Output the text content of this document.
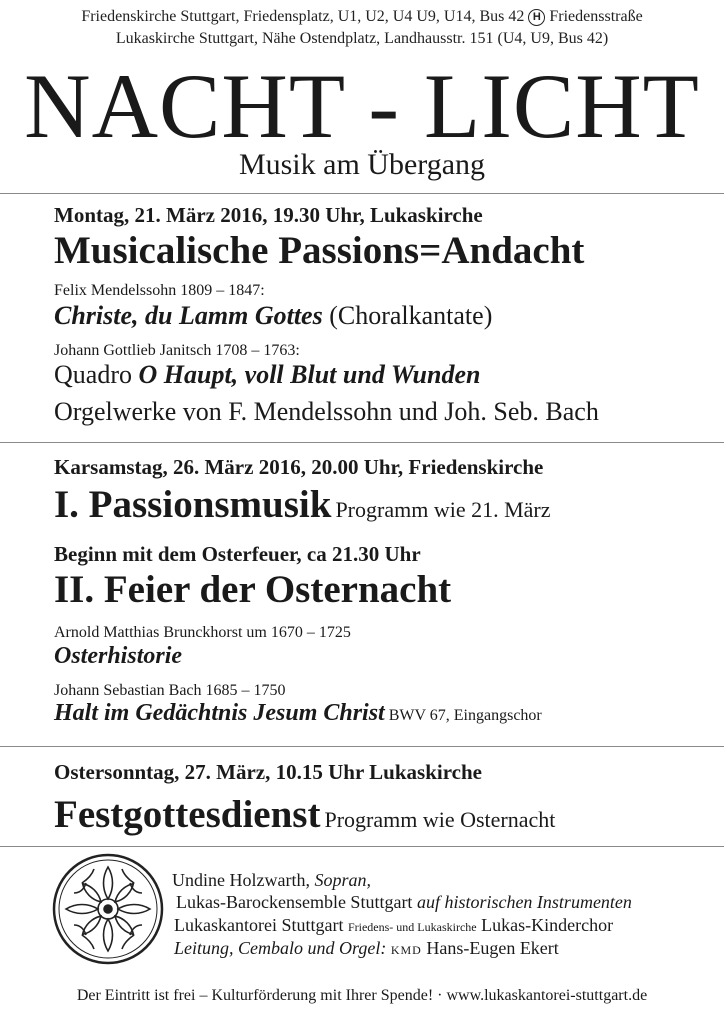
Friedenskirche Stuttgart, Friedensplatz, U1, U2, U4 U9, U14, Bus 42 H Friedensstraße
Lukaskirche Stuttgart, Nähe Ostendplatz, Landhausstr. 151 (U4, U9, Bus 42)
NACHT - LICHT
Musik am Übergang
Montag, 21. März 2016, 19.30 Uhr, Lukaskirche
Musicalische Passions=Andacht
Felix Mendelssohn 1809 – 1847:
Christe, du Lamm Gottes (Choralkantate)
Johann Gottlieb Janitsch 1708 – 1763:
Quadro O Haupt, voll Blut und Wunden
Orgelwerke von F. Mendelssohn und Joh. Seb. Bach
Karsamstag, 26. März 2016, 20.00 Uhr, Friedenskirche
I. Passionsmusik Programm wie 21. März
Beginn mit dem Osterfeuer, ca 21.30 Uhr
II. Feier der Osternacht
Arnold Matthias Brunckhorst um 1670 – 1725
Osterhistorie
Johann Sebastian Bach 1685 – 1750
Halt im Gedächtnis Jesum Christ BWV 67, Eingangschor
Ostersonntag, 27. März, 10.15 Uhr Lukaskirche
Festgottesdienst Programm wie Osternacht
Undine Holzwarth, Sopran,
Lukas-Barockensemble Stuttgart auf historischen Instrumenten
Lukaskantorei Stuttgart Friedens- und Lukaskirche Lukas-Kinderchor
Leitung, Cembalo und Orgel: KMD Hans-Eugen Ekert
Der Eintritt ist frei – Kulturförderung mit Ihrer Spende! · www.lukaskantorei-stuttgart.de
